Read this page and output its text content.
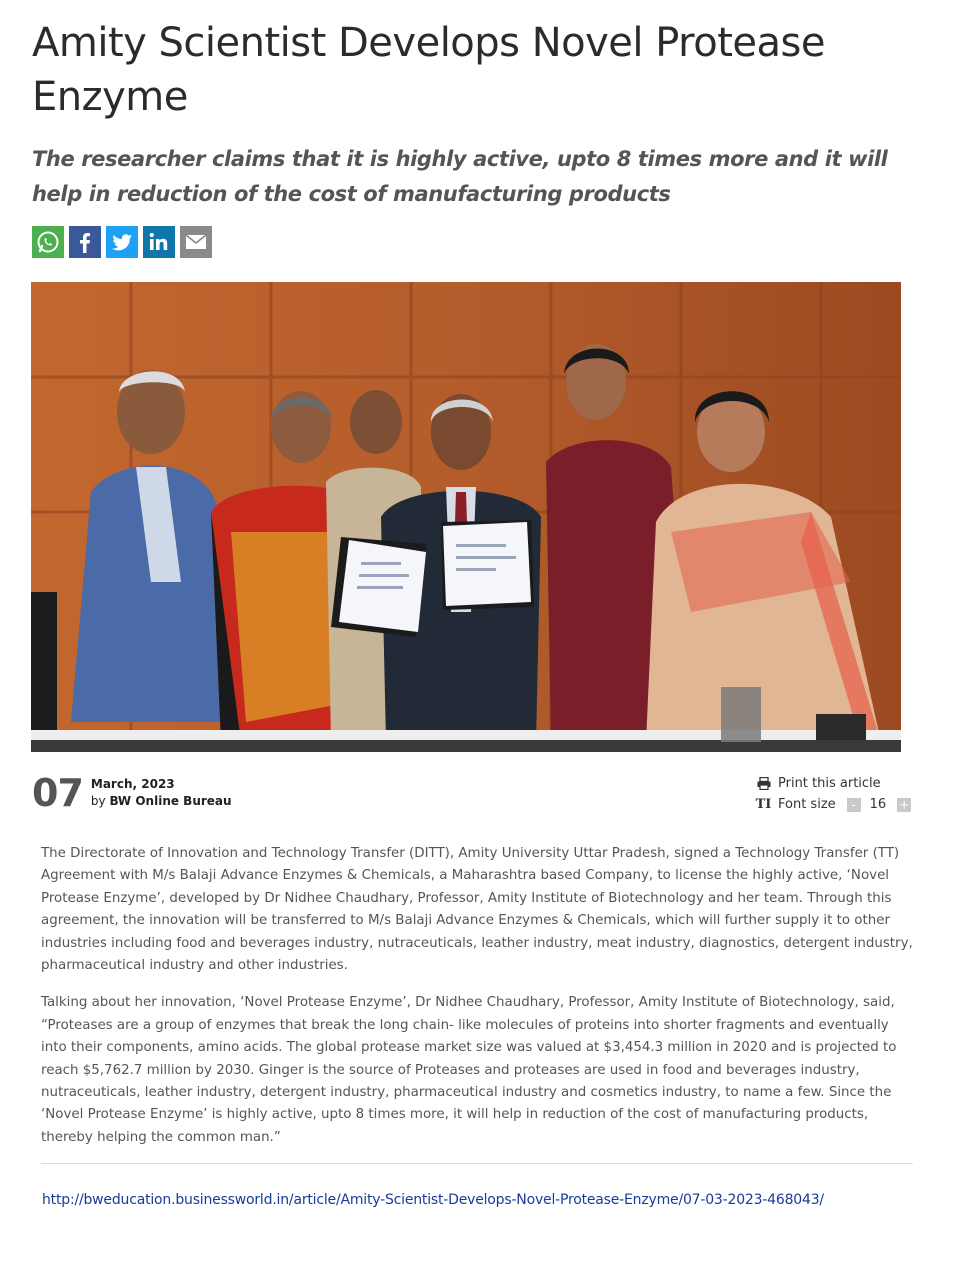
Amity Scientist Develops Novel Protease Enzyme
The researcher claims that it is highly active, upto 8 times more and it will help in reduction of the cost of manufacturing products
07 March, 2023
by BW Online Bureau
Print this article
TI Font size	-	16 +

The Directorate of Innovation and Technology Transfer (DITT), Amity University Uttar Pradesh, signed a Technology Transfer (TT) Agreement with M/s Balaji Advance Enzymes & Chemicals, a Maharashtra based Company, to license the highly active, ‘Novel Protease Enzyme’, developed by Dr Nidhee Chaudhary, Professor, Amity Institute of Biotechnology and her team. Through this agreement, the innovation will be transferred to M/s Balaji Advance Enzymes & Chemicals, which will further supply it to other industries including food and beverages industry, nutraceuticals, leather industry, meat industry, diagnostics, detergent industry, pharmaceutical industry and other industries.

Talking about her innovation, ‘Novel Protease Enzyme’, Dr Nidhee Chaudhary, Professor, Amity Institute of Biotechnology, said, “Proteases are a group of enzymes that break the long chain- like molecules of proteins into shorter fragments and eventually into their components, amino acids. The global protease market size was valued at $3,454.3 million in 2020 and is projected to reach $5,762.7 million by 2030. Ginger is the source of Proteases and proteases are used in food and beverages industry, nutraceuticals, leather industry, detergent industry, pharmaceutical industry and cosmetics industry, to name a few. Since the ‘Novel Protease Enzyme’ is highly active, upto 8 times more, it will help in reduction of the cost of manufacturing products, thereby helping the common man.”

http://bweducation.businessworld.in/article/Amity-Scientist-Develops-Novel-Protease-Enzyme/07-03-2023-468043/
